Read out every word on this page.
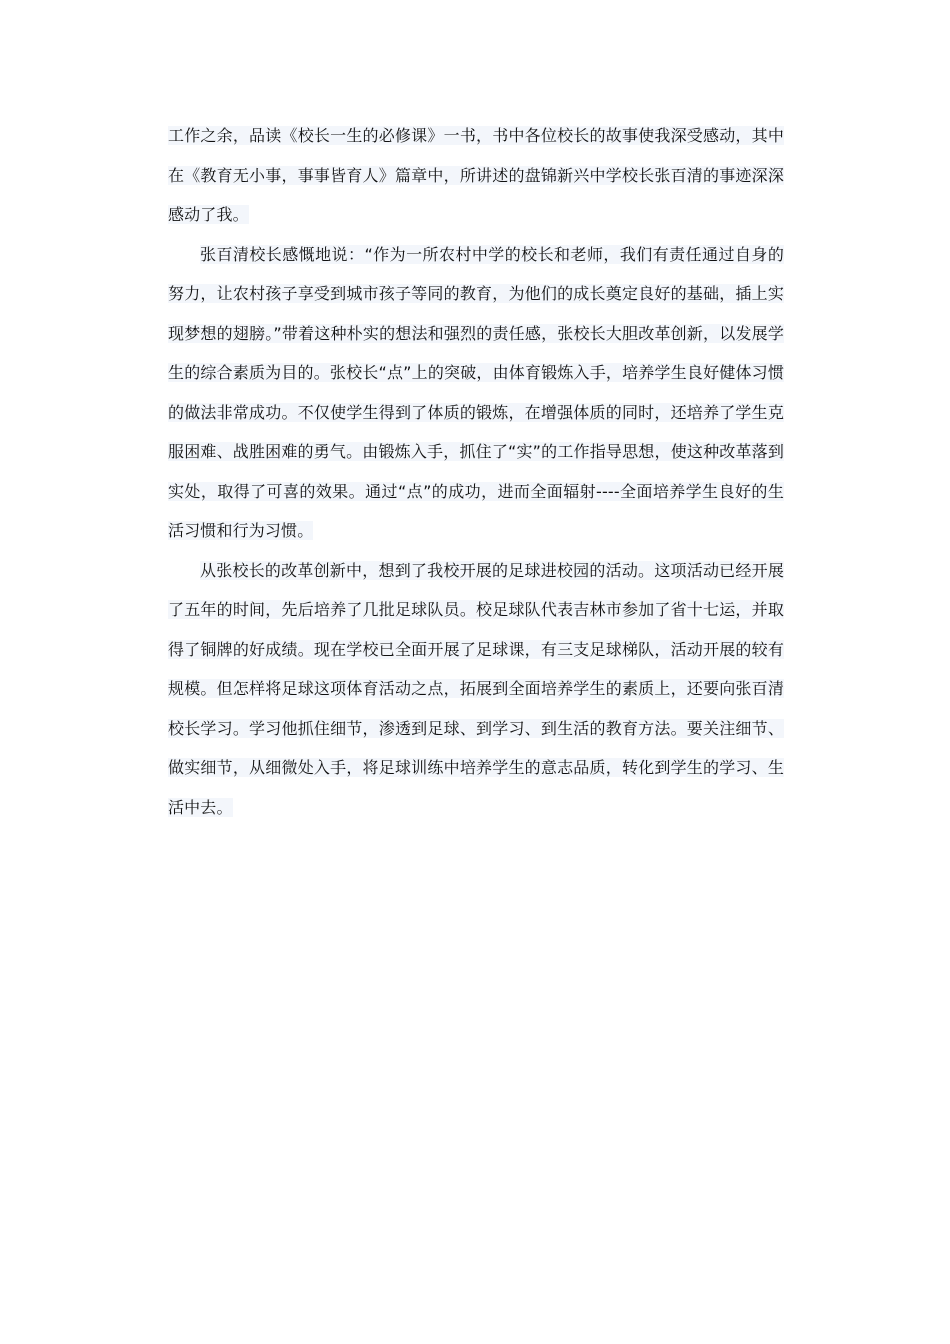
工作之余，品读《校长一生的必修课》一书，书中各位校长的故事使我深受感动，其中在《教育无小事，事事皆育人》篇章中，所讲述的盘锦新兴中学校长张百清的事迹深深感动了我。

张百清校长感慨地说：“作为一所农村中学的校长和老师，我们有责任通过自身的努力，让农村孩子享受到城市孩子等同的教育，为他们的成长奠定良好的基础，插上实现梦想的翅膀。”带着这种朴实的想法和强烈的责任感，张校长大胆改革创新，以发展学生的综合素质为目的。张校长“点”上的突破，由体育锻炼入手，培养学生良好健体习惯的做法非常成功。不仅使学生得到了体质的锻炼，在增强体质的同时，还培养了学生克服困难、战胜困难的勇气。由锻炼入手，抓住了“实”的工作指导思想，使这种改革落到实处，取得了可喜的效果。通过“点”的成功，进而全面辐射----全面培养学生良好的生活习惯和行为习惯。

从张校长的改革创新中，想到了我校开展的足球进校园的活动。这项活动已经开展了五年的时间，先后培养了几批足球队员。校足球队代表吉林市参加了省十七运，并取得了铜牌的好成绩。现在学校已全面开展了足球课，有三支足球梯队，活动开展的较有规模。但怎样将足球这项体育活动之点，拓展到全面培养学生的素质上，还要向张百清校长学习。学习他抓住细节，渗透到足球、到学习、到生活的教育方法。要关注细节、做实细节，从细微处入手，将足球训练中培养学生的意志品质，转化到学生的学习、生活中去。
